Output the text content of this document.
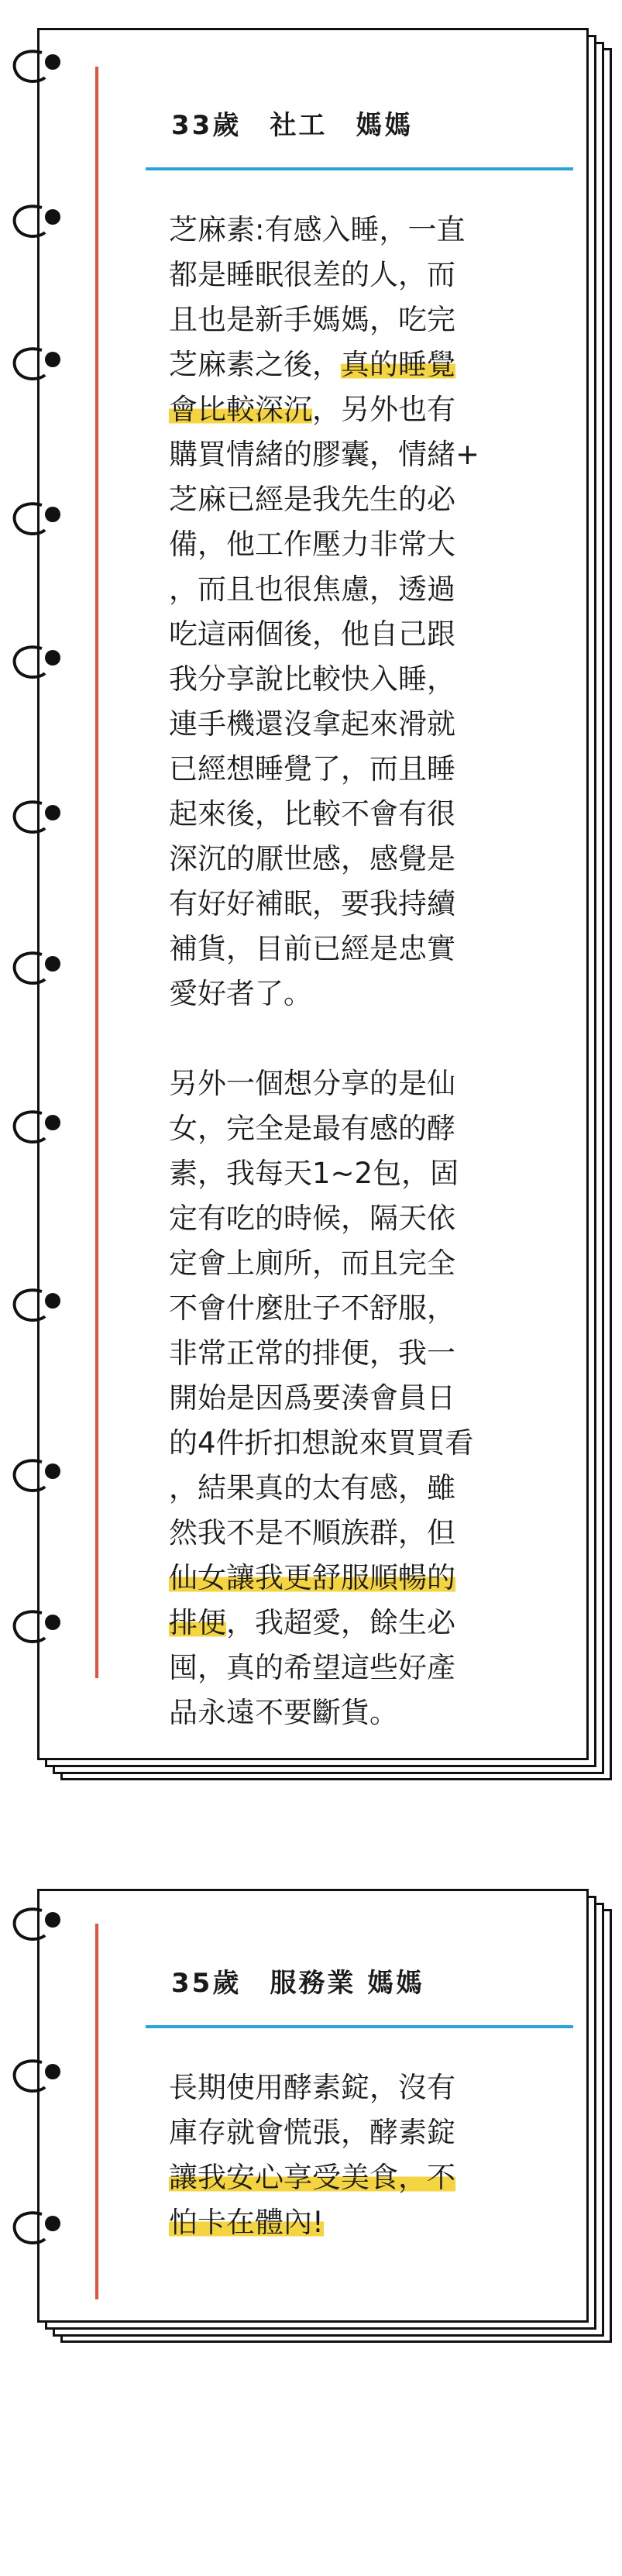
33歲　社工　媽媽

芝麻素:有感入睡，一直
都是睡眠很差的人，而
且也是新手媽媽，吃完
芝麻素之後，真的睡覺
會比較深沉，另外也有
購買情緒的膠囊，情緒+
芝麻已經是我先生的必
備，他工作壓力非常大
，而且也很焦慮，透過
吃這兩個後，他自己跟
我分享說比較快入睡，
連手機還沒拿起來滑就
已經想睡覺了，而且睡
起來後，比較不會有很
深沉的厭世感，感覺是
有好好補眠，要我持續
補貨，目前已經是忠實
愛好者了。

另外一個想分享的是仙
女，完全是最有感的酵
素，我每天1~2包，固
定有吃的時候，隔天依
定會上廁所，而且完全
不會什麼肚子不舒服，
非常正常的排便，我一
開始是因爲要湊會員日
的4件折扣想說來買買看
，結果真的太有感，雖
然我不是不順族群，但
仙女讓我更舒服順暢的
排便，我超愛，餘生必
囤，真的希望這些好產
品永遠不要斷貨。

35歲　服務業 媽媽

長期使用酵素錠，沒有
庫存就會慌張，酵素錠
讓我安心享受美食，不
怕卡在體內!
